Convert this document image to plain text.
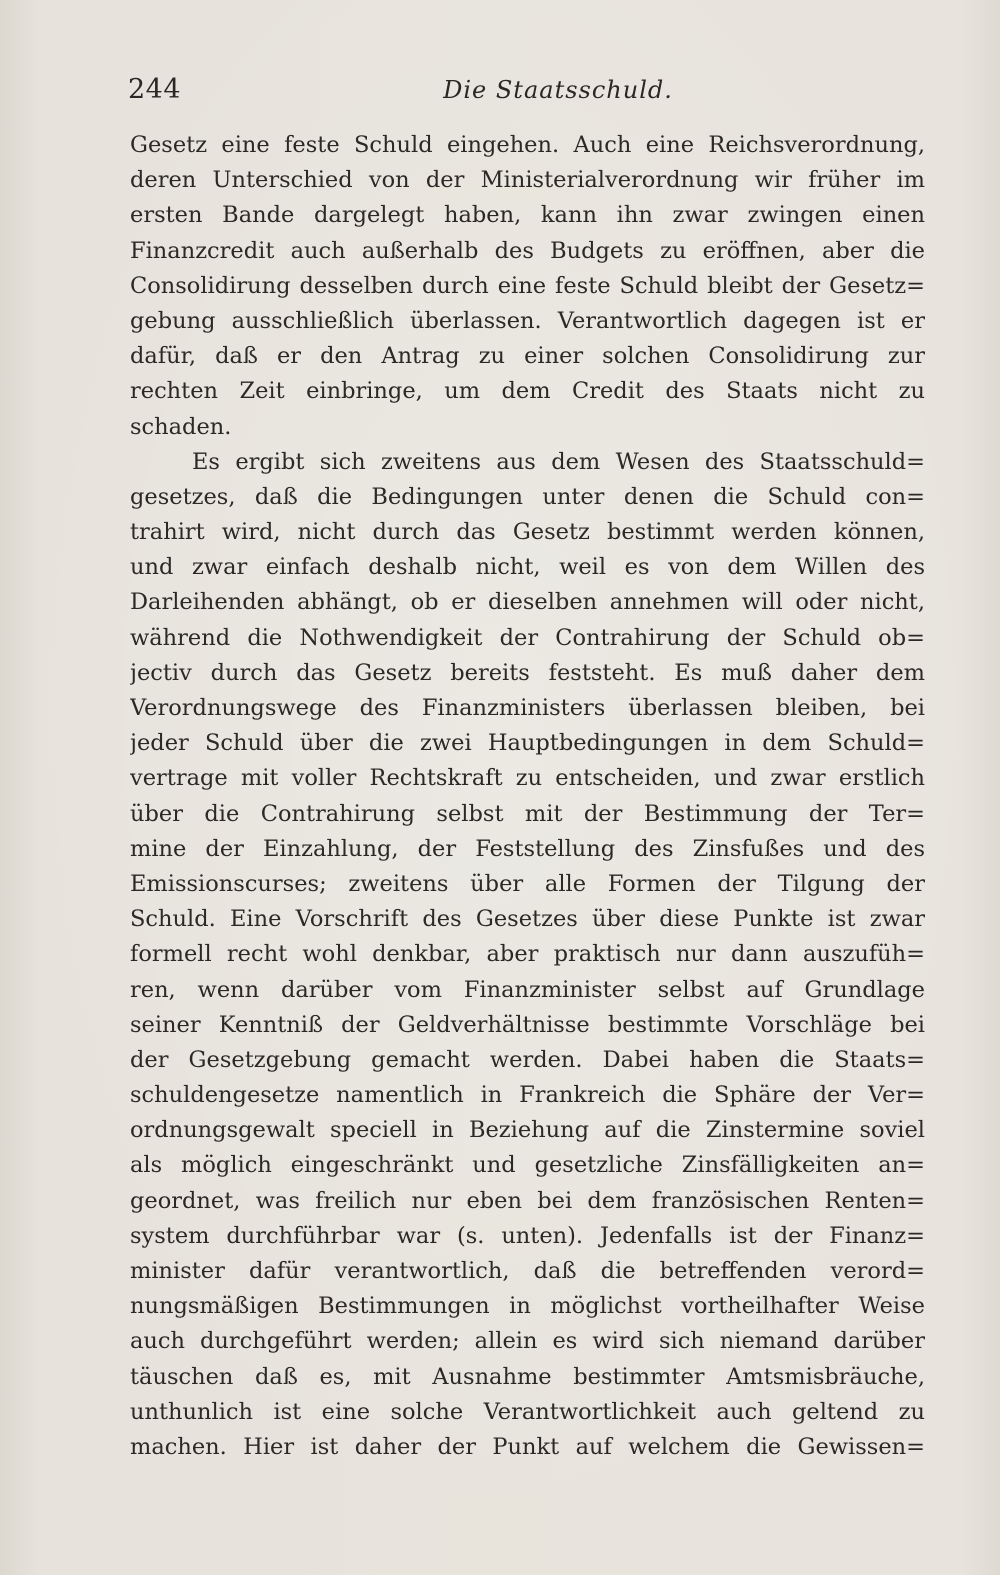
244	Die Staatsschuld.
Gesetz eine feste Schuld eingehen. Auch eine Reichsverordnung,
deren Unterschied von der Ministerialverordnung wir früher im
ersten Bande dargelegt haben, kann ihn zwar zwingen einen
Finanzcredit auch außerhalb des Budgets zu eröffnen, aber die
Consolidirung desselben durch eine feste Schuld bleibt der Gesetz=
gebung ausschließlich überlassen. Verantwortlich dagegen ist er
dafür, daß er den Antrag zu einer solchen Consolidirung zur
rechten Zeit einbringe, um dem Credit des Staats nicht zu
schaden.
Es ergibt sich zweitens aus dem Wesen des Staatsschuld=
gesetzes, daß die Bedingungen unter denen die Schuld con=
trahirt wird, nicht durch das Gesetz bestimmt werden können,
und zwar einfach deshalb nicht, weil es von dem Willen des
Darleihenden abhängt, ob er dieselben annehmen will oder nicht,
während die Nothwendigkeit der Contrahirung der Schuld ob=
jectiv durch das Gesetz bereits feststeht. Es muß daher dem
Verordnungswege des Finanzministers überlassen bleiben, bei
jeder Schuld über die zwei Hauptbedingungen in dem Schuld=
vertrage mit voller Rechtskraft zu entscheiden, und zwar erstlich
über die Contrahirung selbst mit der Bestimmung der Ter=
mine der Einzahlung, der Feststellung des Zinsfußes und des
Emissionscurses; zweitens über alle Formen der Tilgung der
Schuld. Eine Vorschrift des Gesetzes über diese Punkte ist zwar
formell recht wohl denkbar, aber praktisch nur dann auszufüh=
ren, wenn darüber vom Finanzminister selbst auf Grundlage
seiner Kenntniß der Geldverhältnisse bestimmte Vorschläge bei
der Gesetzgebung gemacht werden. Dabei haben die Staats=
schuldengesetze namentlich in Frankreich die Sphäre der Ver=
ordnungsgewalt speciell in Beziehung auf die Zinstermine soviel
als möglich eingeschränkt und gesetzliche Zinsfälligkeiten an=
geordnet, was freilich nur eben bei dem französischen Renten=
system durchführbar war (s. unten). Jedenfalls ist der Finanz=
minister dafür verantwortlich, daß die betreffenden verord=
nungsmäßigen Bestimmungen in möglichst vortheilhafter Weise
auch durchgeführt werden; allein es wird sich niemand darüber
täuschen daß es, mit Ausnahme bestimmter Amtsmisbräuche,
unthunlich ist eine solche Verantwortlichkeit auch geltend zu
machen. Hier ist daher der Punkt auf welchem die Gewissen=
